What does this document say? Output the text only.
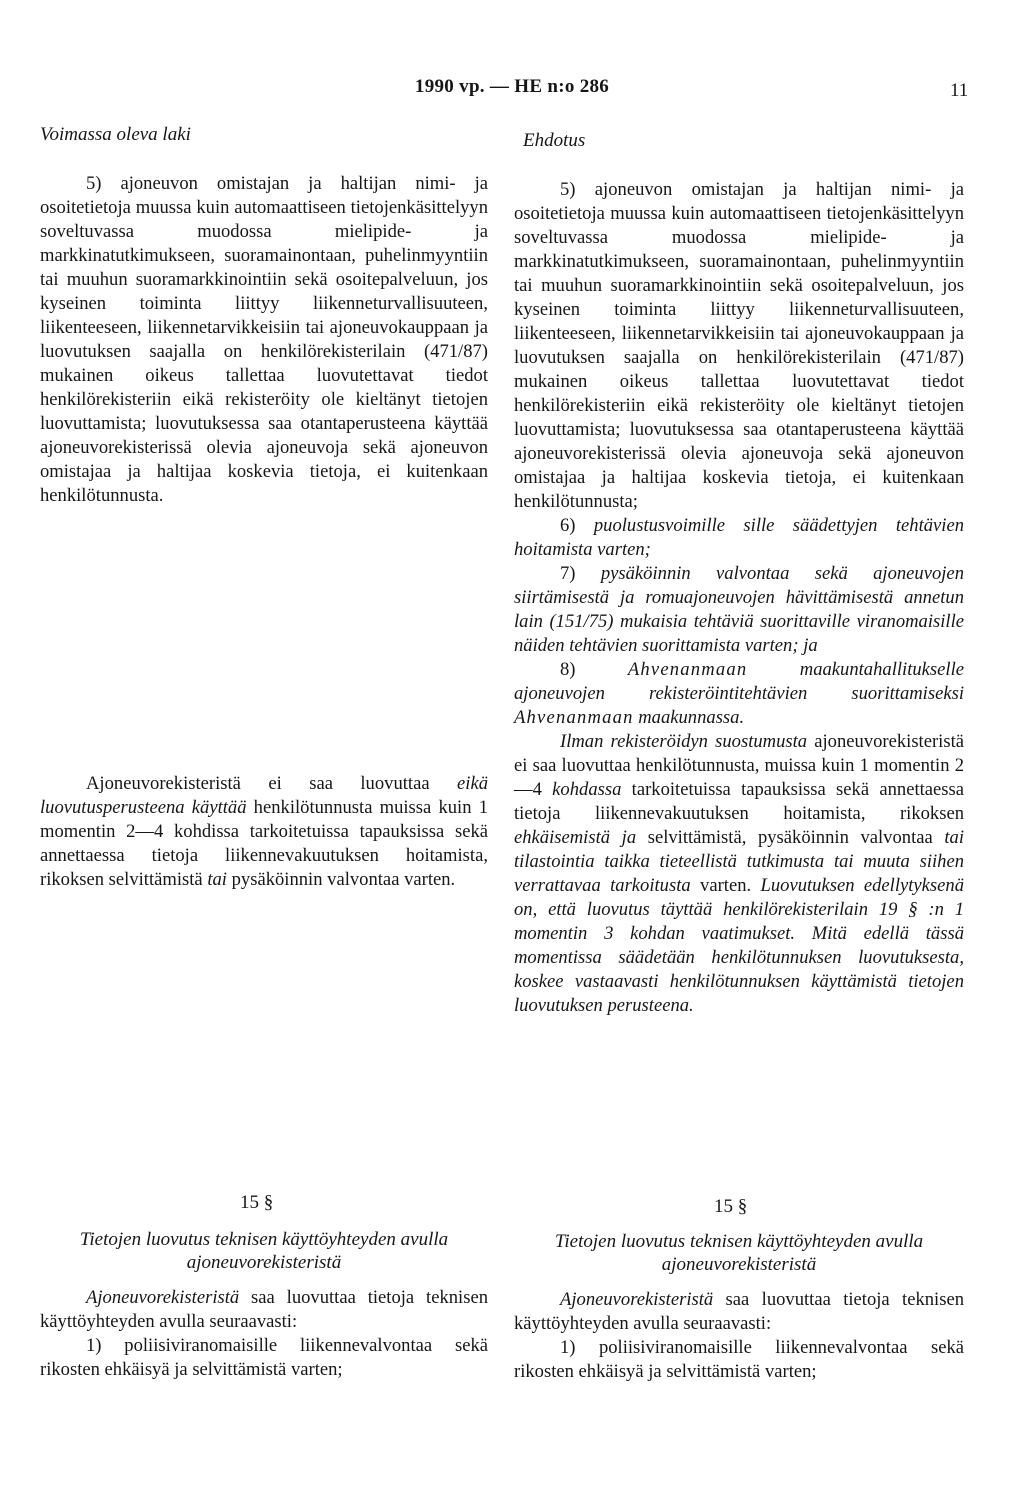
1990 vp. — HE n:o 286	11
Voimassa oleva laki

5) ajoneuvon omistajan ja haltijan nimi- ja osoitetietoja muussa kuin automaattiseen tietojenkäsittelyyn soveltuvassa muodossa mielipide- ja markkinatutkimukseen, suoramainontaan, puhelinmyyntiin tai muuhun suoramarkkinointiin sekä osoitepalveluun, jos kyseinen toiminta liittyy liikenneturvallisuuteen, liikenteeseen, liikennetarvikkeisiin tai ajoneuvokauppaan ja luovutuksen saajalla on henkilörekisterilain (471/87) mukainen oikeus tallettaa luovutettavat tiedot henkilörekisteriin eikä rekisteröity ole kieltänyt tietojen luovuttamista; luovutuksessa saa otantaperusteena käyttää ajoneuvorekisterissä olevia ajoneuvoja sekä ajoneuvon omistajaa ja haltijaa koskevia tietoja, ei kuitenkaan henkilötunnusta.

Ajoneuvorekisteristä ei saa luovuttaa eikä luovutusperusteena käyttää henkilötunnusta muissa kuin 1 momentin 2—4 kohdissa tarkoitetuissa tapauksissa sekä annettaessa tietoja liikennevakuutuksen hoitamista, rikoksen selvittämistä tai pysäköinnin valvontaa varten.

15 §
Tietojen luovutus teknisen käyttöyhteyden avulla ajoneuvorekisteristä

Ajoneuvorekisteristä saa luovuttaa tietoja teknisen käyttöyhteyden avulla seuraavasti:

1) poliisiviranomaisille liikennevalvontaa sekä rikosten ehkäisyä ja selvittämistä varten;

Ehdotus

5) ajoneuvon omistajan ja haltijan nimi- ja osoitetietoja muussa kuin automaattiseen tietojenkäsittelyyn soveltuvassa muodossa mielipide- ja markkinatutkimukseen, suoramainontaan, puhelinmyyntiin tai muuhun suoramarkkinointiin sekä osoitepalveluun, jos kyseinen toiminta liittyy liikenneturvallisuuteen, liikenteeseen, liikennetarvikkeisiin tai ajoneuvokauppaan ja luovutuksen saajalla on henkilörekisterilain (471/87) mukainen oikeus tallettaa luovutettavat tiedot henkilörekisteriin eikä rekisteröity ole kieltänyt tietojen luovuttamista; luovutuksessa saa otantaperusteena käyttää ajoneuvorekisterissä olevia ajoneuvoja sekä ajoneuvon omistajaa ja haltijaa koskevia tietoja, ei kuitenkaan henkilötunnusta;

6) puolustusvoimille sille säädettyjen tehtävien hoitamista varten;

7) pysäköinnin valvontaa sekä ajoneuvojen siirtämisestä ja romuajoneuvojen hävittämisestä annetun lain (151/75) mukaisia tehtäviä suorittaville viranomaisille näiden tehtävien suorittamista varten; ja

8) Ahvenanmaan maakuntahallitukselle ajoneuvojen rekisteröintitehtävien suorittamiseksi Ahvenanmaan maakunnassa.

Ilman rekisteröidyn suostumusta ajoneuvorekisteristä ei saa luovuttaa henkilötunnusta, muissa kuin 1 momentin 2—4 kohdassa tarkoitetuissa tapauksissa sekä annettaessa tietoja liikennevakuutuksen hoitamista, rikoksen ehkäisemistä ja selvittämistä, pysäköinnin valvontaa tai tilastointia taikka tieteellistä tutkimusta tai muuta siihen verrattavaa tarkoitusta varten. Luovutuksen edellytyksenä on, että luovutus täyttää henkilörekisterilain 19 § :n 1 momentin 3 kohdan vaatimukset. Mitä edellä tässä momentissa säädetään henkilötunnuksen luovutuksesta, koskee vastaavasti henkilötunnuksen käyttämistä tietojen luovutuksen perusteena.

15 §
Tietojen luovutus teknisen käyttöyhteyden avulla ajoneuvorekisteristä

Ajoneuvorekisteristä saa luovuttaa tietoja teknisen käyttöyhteyden avulla seuraavasti:

1) poliisiviranomaisille liikennevalvontaa sekä rikosten ehkäisyä ja selvittämistä varten;
